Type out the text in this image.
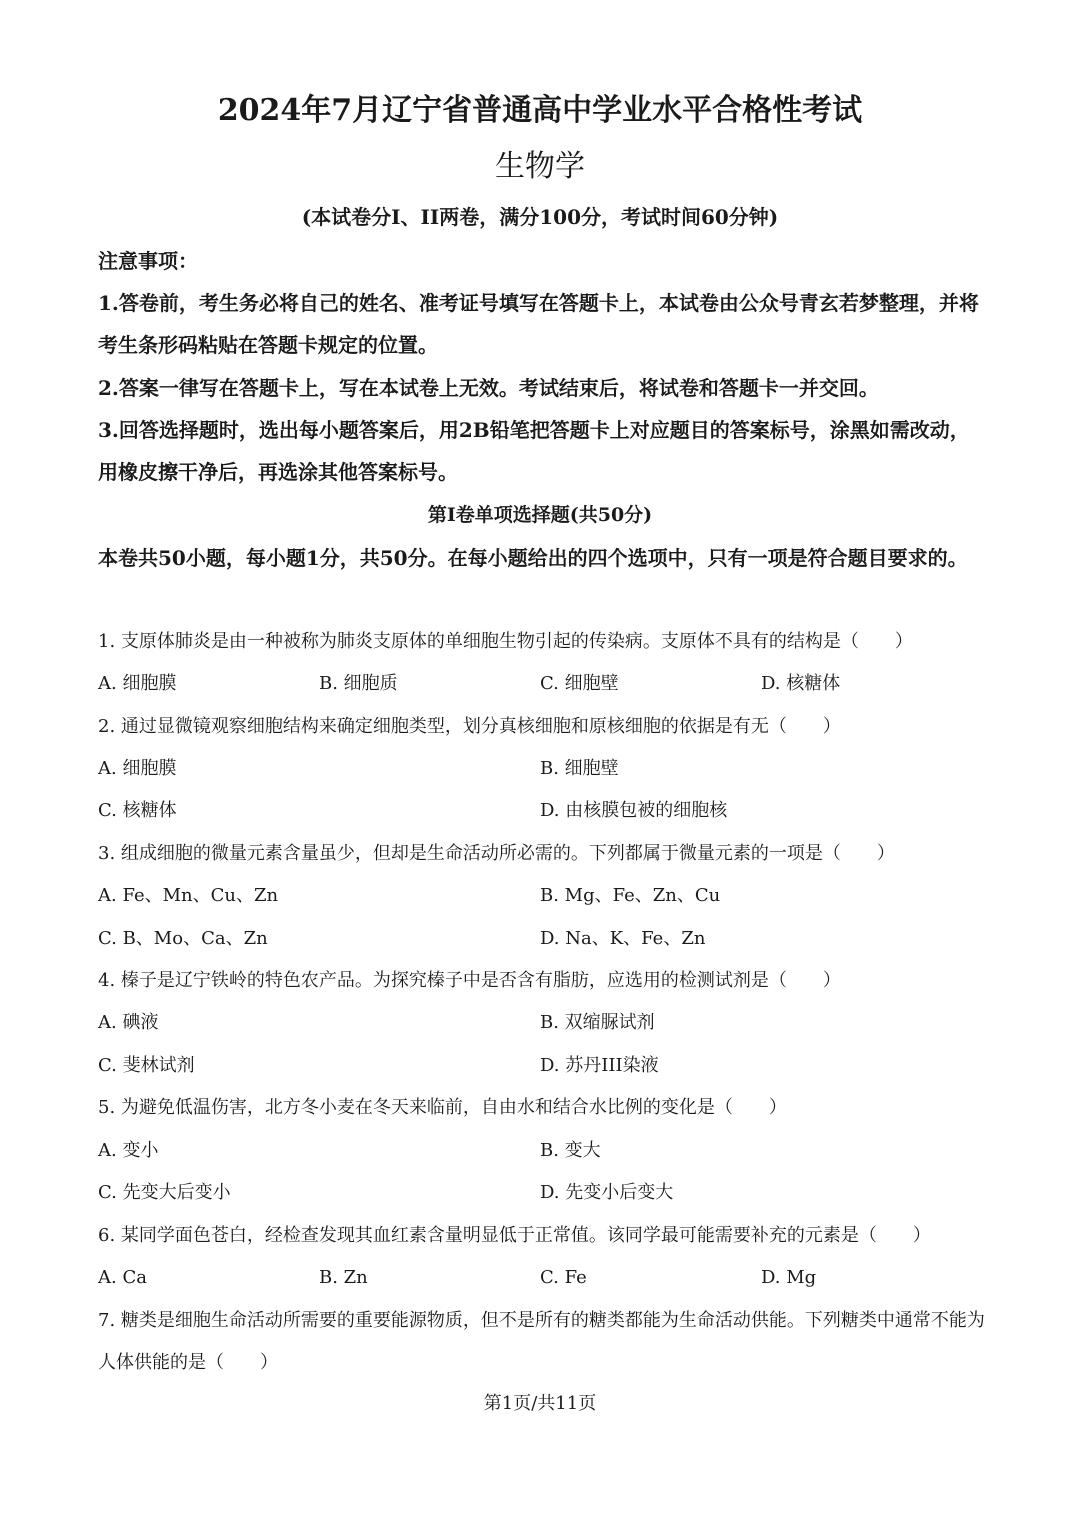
2024年7月辽宁省普通高中学业水平合格性考试
生物学
(本试卷分I、II两卷，满分100分，考试时间60分钟)
注意事项：
1.答卷前，考生务必将自己的姓名、准考证号填写在答题卡上，本试卷由公众号青玄若梦整理，并将考生条形码粘贴在答题卡规定的位置。
2.答案一律写在答题卡上，写在本试卷上无效。考试结束后，将试卷和答题卡一并交回。
3.回答选择题时，选出每小题答案后，用2B铅笔把答题卡上对应题目的答案标号，涂黑如需改动，用橡皮擦干净后，再选涂其他答案标号。
第I卷单项选择题(共50分)
本卷共50小题，每小题1分，共50分。在每小题给出的四个选项中，只有一项是符合题目要求的。
1. 支原体肺炎是由一种被称为肺炎支原体的单细胞生物引起的传染病。支原体不具有的结构是（　　）
A. 细胞膜	B. 细胞质	C. 细胞壁	D. 核糖体
2. 通过显微镜观察细胞结构来确定细胞类型，划分真核细胞和原核细胞的依据是有无（　　）
A. 细胞膜	B. 细胞壁
C. 核糖体	D. 由核膜包被的细胞核
3. 组成细胞的微量元素含量虽少，但却是生命活动所必需的。下列都属于微量元素的一项是（　　）
A. Fe、Mn、Cu、Zn	B. Mg、Fe、Zn、Cu
C. B、Mo、Ca、Zn	D. Na、K、Fe、Zn
4. 榛子是辽宁铁岭的特色农产品。为探究榛子中是否含有脂肪，应选用的检测试剂是（　　）
A. 碘液	B. 双缩脲试剂
C. 斐林试剂	D. 苏丹III染液
5. 为避免低温伤害，北方冬小麦在冬天来临前，自由水和结合水比例的变化是（　　）
A. 变小	B. 变大
C. 先变大后变小	D. 先变小后变大
6. 某同学面色苍白，经检查发现其血红素含量明显低于正常值。该同学最可能需要补充的元素是（　　）
A. Ca	B. Zn	C. Fe	D. Mg
7. 糖类是细胞生命活动所需要的重要能源物质，但不是所有的糖类都能为生命活动供能。下列糖类中通常不能为人体供能的是（　　）
第1页/共11页
